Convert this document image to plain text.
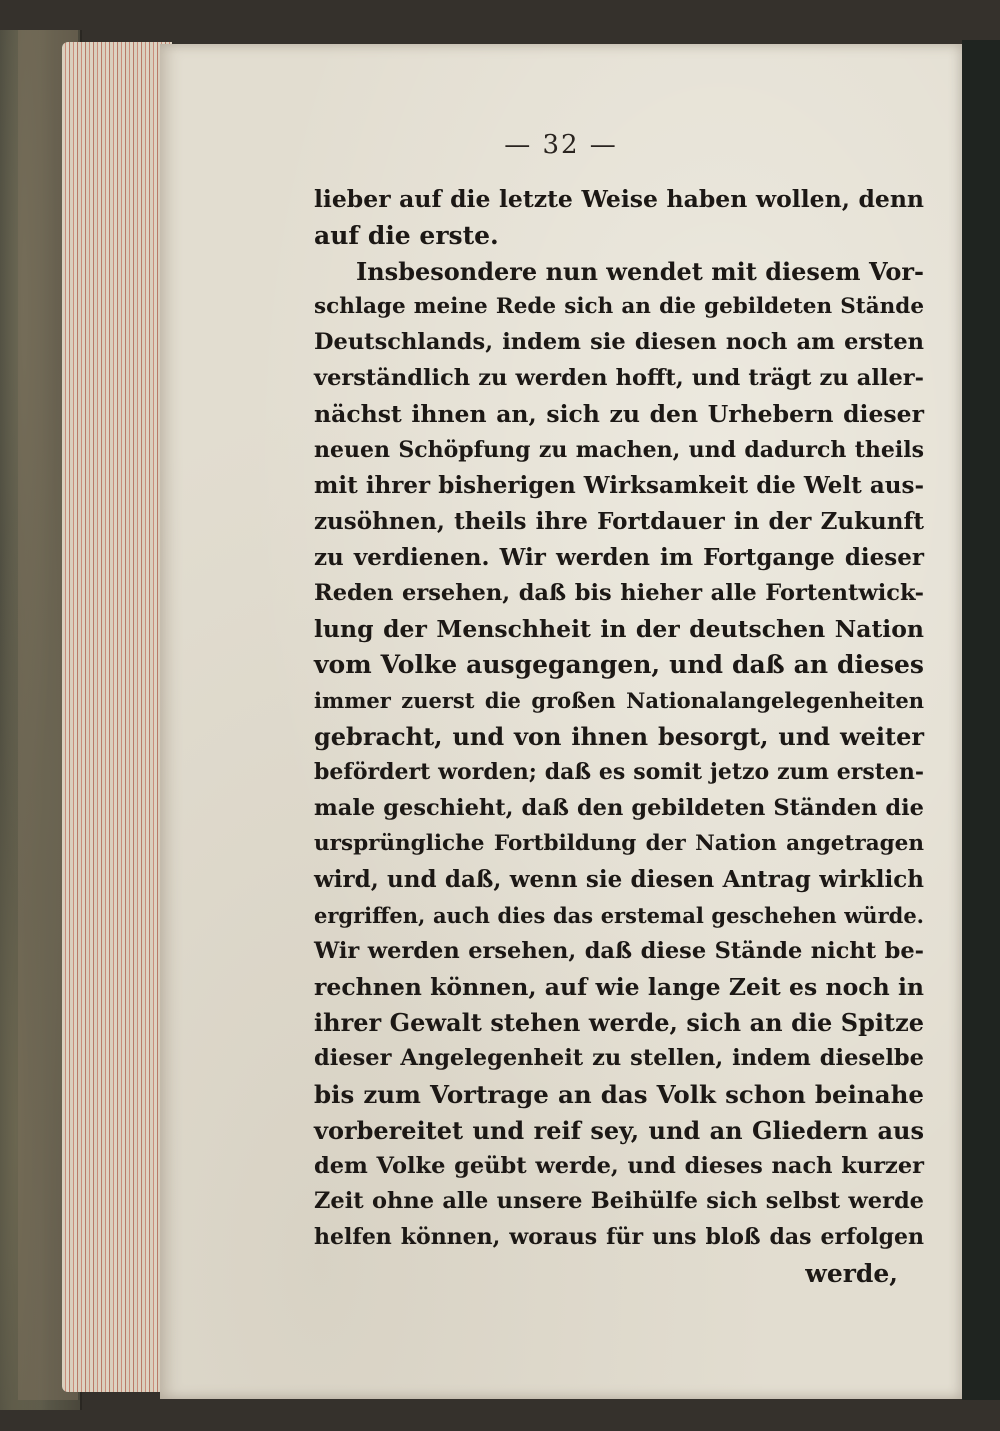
— 32 —
lieber auf die letzte Weise haben wollen, denn
auf die erste.
Insbesondere nun wendet mit diesem Vor-
schlage meine Rede sich an die gebildeten Stände
Deutschlands, indem sie diesen noch am ersten
verständlich zu werden hofft, und trägt zu aller-
nächst ihnen an, sich zu den Urhebern dieser
neuen Schöpfung zu machen, und dadurch theils
mit ihrer bisherigen Wirksamkeit die Welt aus-
zusöhnen, theils ihre Fortdauer in der Zukunft
zu verdienen. Wir werden im Fortgange dieser
Reden ersehen, daß bis hieher alle Fortentwick-
lung der Menschheit in der deutschen Nation
vom Volke ausgegangen, und daß an dieses
immer zuerst die großen Nationalangelegenheiten
gebracht, und von ihnen besorgt, und weiter
befördert worden; daß es somit jetzo zum ersten-
male geschieht, daß den gebildeten Ständen die
ursprüngliche Fortbildung der Nation angetragen
wird, und daß, wenn sie diesen Antrag wirklich
ergriffen, auch dies das erstemal geschehen würde.
Wir werden ersehen, daß diese Stände nicht be-
rechnen können, auf wie lange Zeit es noch in
ihrer Gewalt stehen werde, sich an die Spitze
dieser Angelegenheit zu stellen, indem dieselbe
bis zum Vortrage an das Volk schon beinahe
vorbereitet und reif sey, und an Gliedern aus
dem Volke geübt werde, und dieses nach kurzer
Zeit ohne alle unsere Beihülfe sich selbst werde
helfen können, woraus für uns bloß das erfolgen
werde,
